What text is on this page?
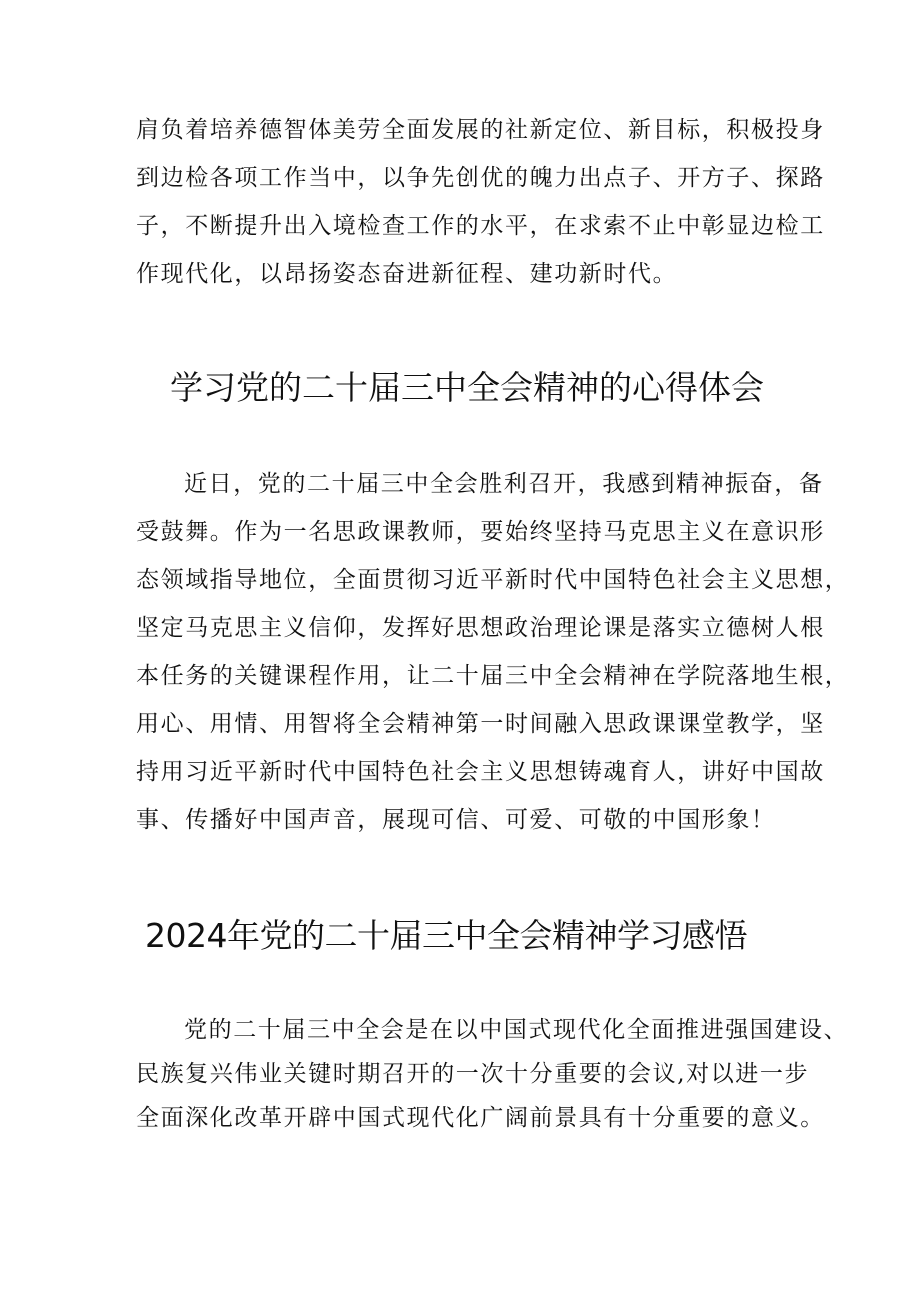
肩负着培养德智体美劳全面发展的社新定位、新目标，积极投身
到边检各项工作当中，以争先创优的魄力出点子、开方子、探路
子，不断提升出入境检查工作的水平，在求索不止中彰显边检工
作现代化，以昂扬姿态奋进新征程、建功新时代。
学习党的二十届三中全会精神的心得体会
近日，党的二十届三中全会胜利召开，我感到精神振奋，备
受鼓舞。作为一名思政课教师，要始终坚持马克思主义在意识形
态领域指导地位，全面贯彻习近平新时代中国特色社会主义思想，
坚定马克思主义信仰，发挥好思想政治理论课是落实立德树人根
本任务的关键课程作用，让二十届三中全会精神在学院落地生根，
用心、用情、用智将全会精神第一时间融入思政课课堂教学，坚
持用习近平新时代中国特色社会主义思想铸魂育人，讲好中国故
事、传播好中国声音，展现可信、可爱、可敬的中国形象！
2024年党的二十届三中全会精神学习感悟
党的二十届三中全会是在以中国式现代化全面推进强国建设、
民族复兴伟业关键时期召开的一次十分重要的会议,对以进一步
全面深化改革开辟中国式现代化广阔前景具有十分重要的意义。
